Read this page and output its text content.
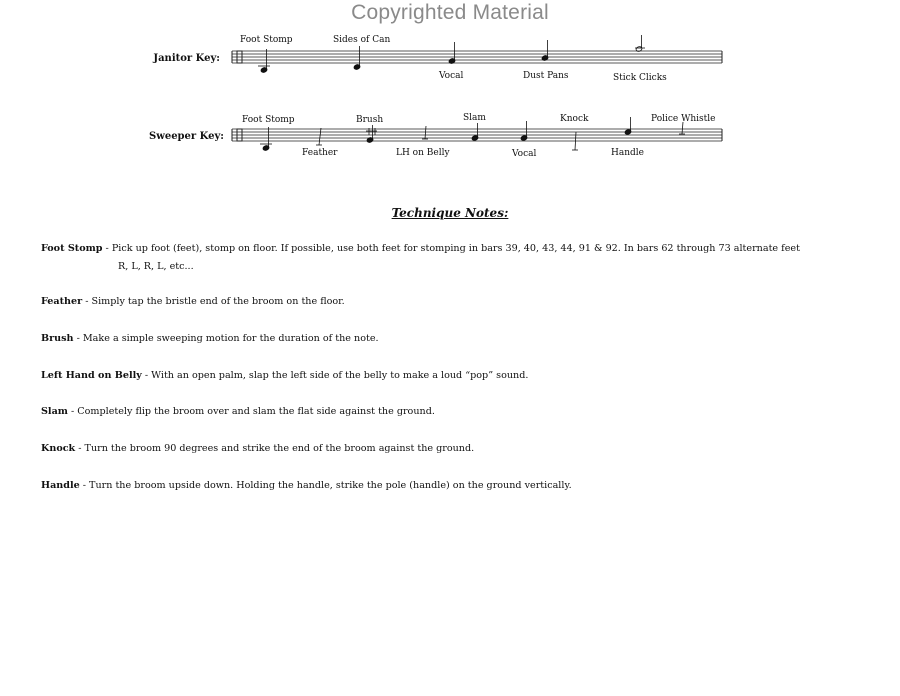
Copyrighted Material
Janitor Key:
Foot Stomp	Sides of Can
Vocal	Dust Pans	Stick Clicks
Sweeper Key:
Foot Stomp	Brush	Slam	Knock	Police Whistle
Feather	LH on Belly	Vocal	Handle
Technique Notes:
Foot Stomp - Pick up foot (feet), stomp on floor. If possible, use both feet for stomping in bars 39, 40, 43, 44, 91 & 92. In bars 62 through 73 alternate feet
R, L, R, L, etc...
Feather - Simply tap the bristle end of the broom on the floor.
Brush - Make a simple sweeping motion for the duration of the note.
Left Hand on Belly - With an open palm, slap the left side of the belly to make a loud “pop” sound.
Slam - Completely flip the broom over and slam the flat side against the ground.
Knock - Turn the broom 90 degrees and strike the end of the broom against the ground.
Handle - Turn the broom upside down. Holding the handle, strike the pole (handle) on the ground vertically.
